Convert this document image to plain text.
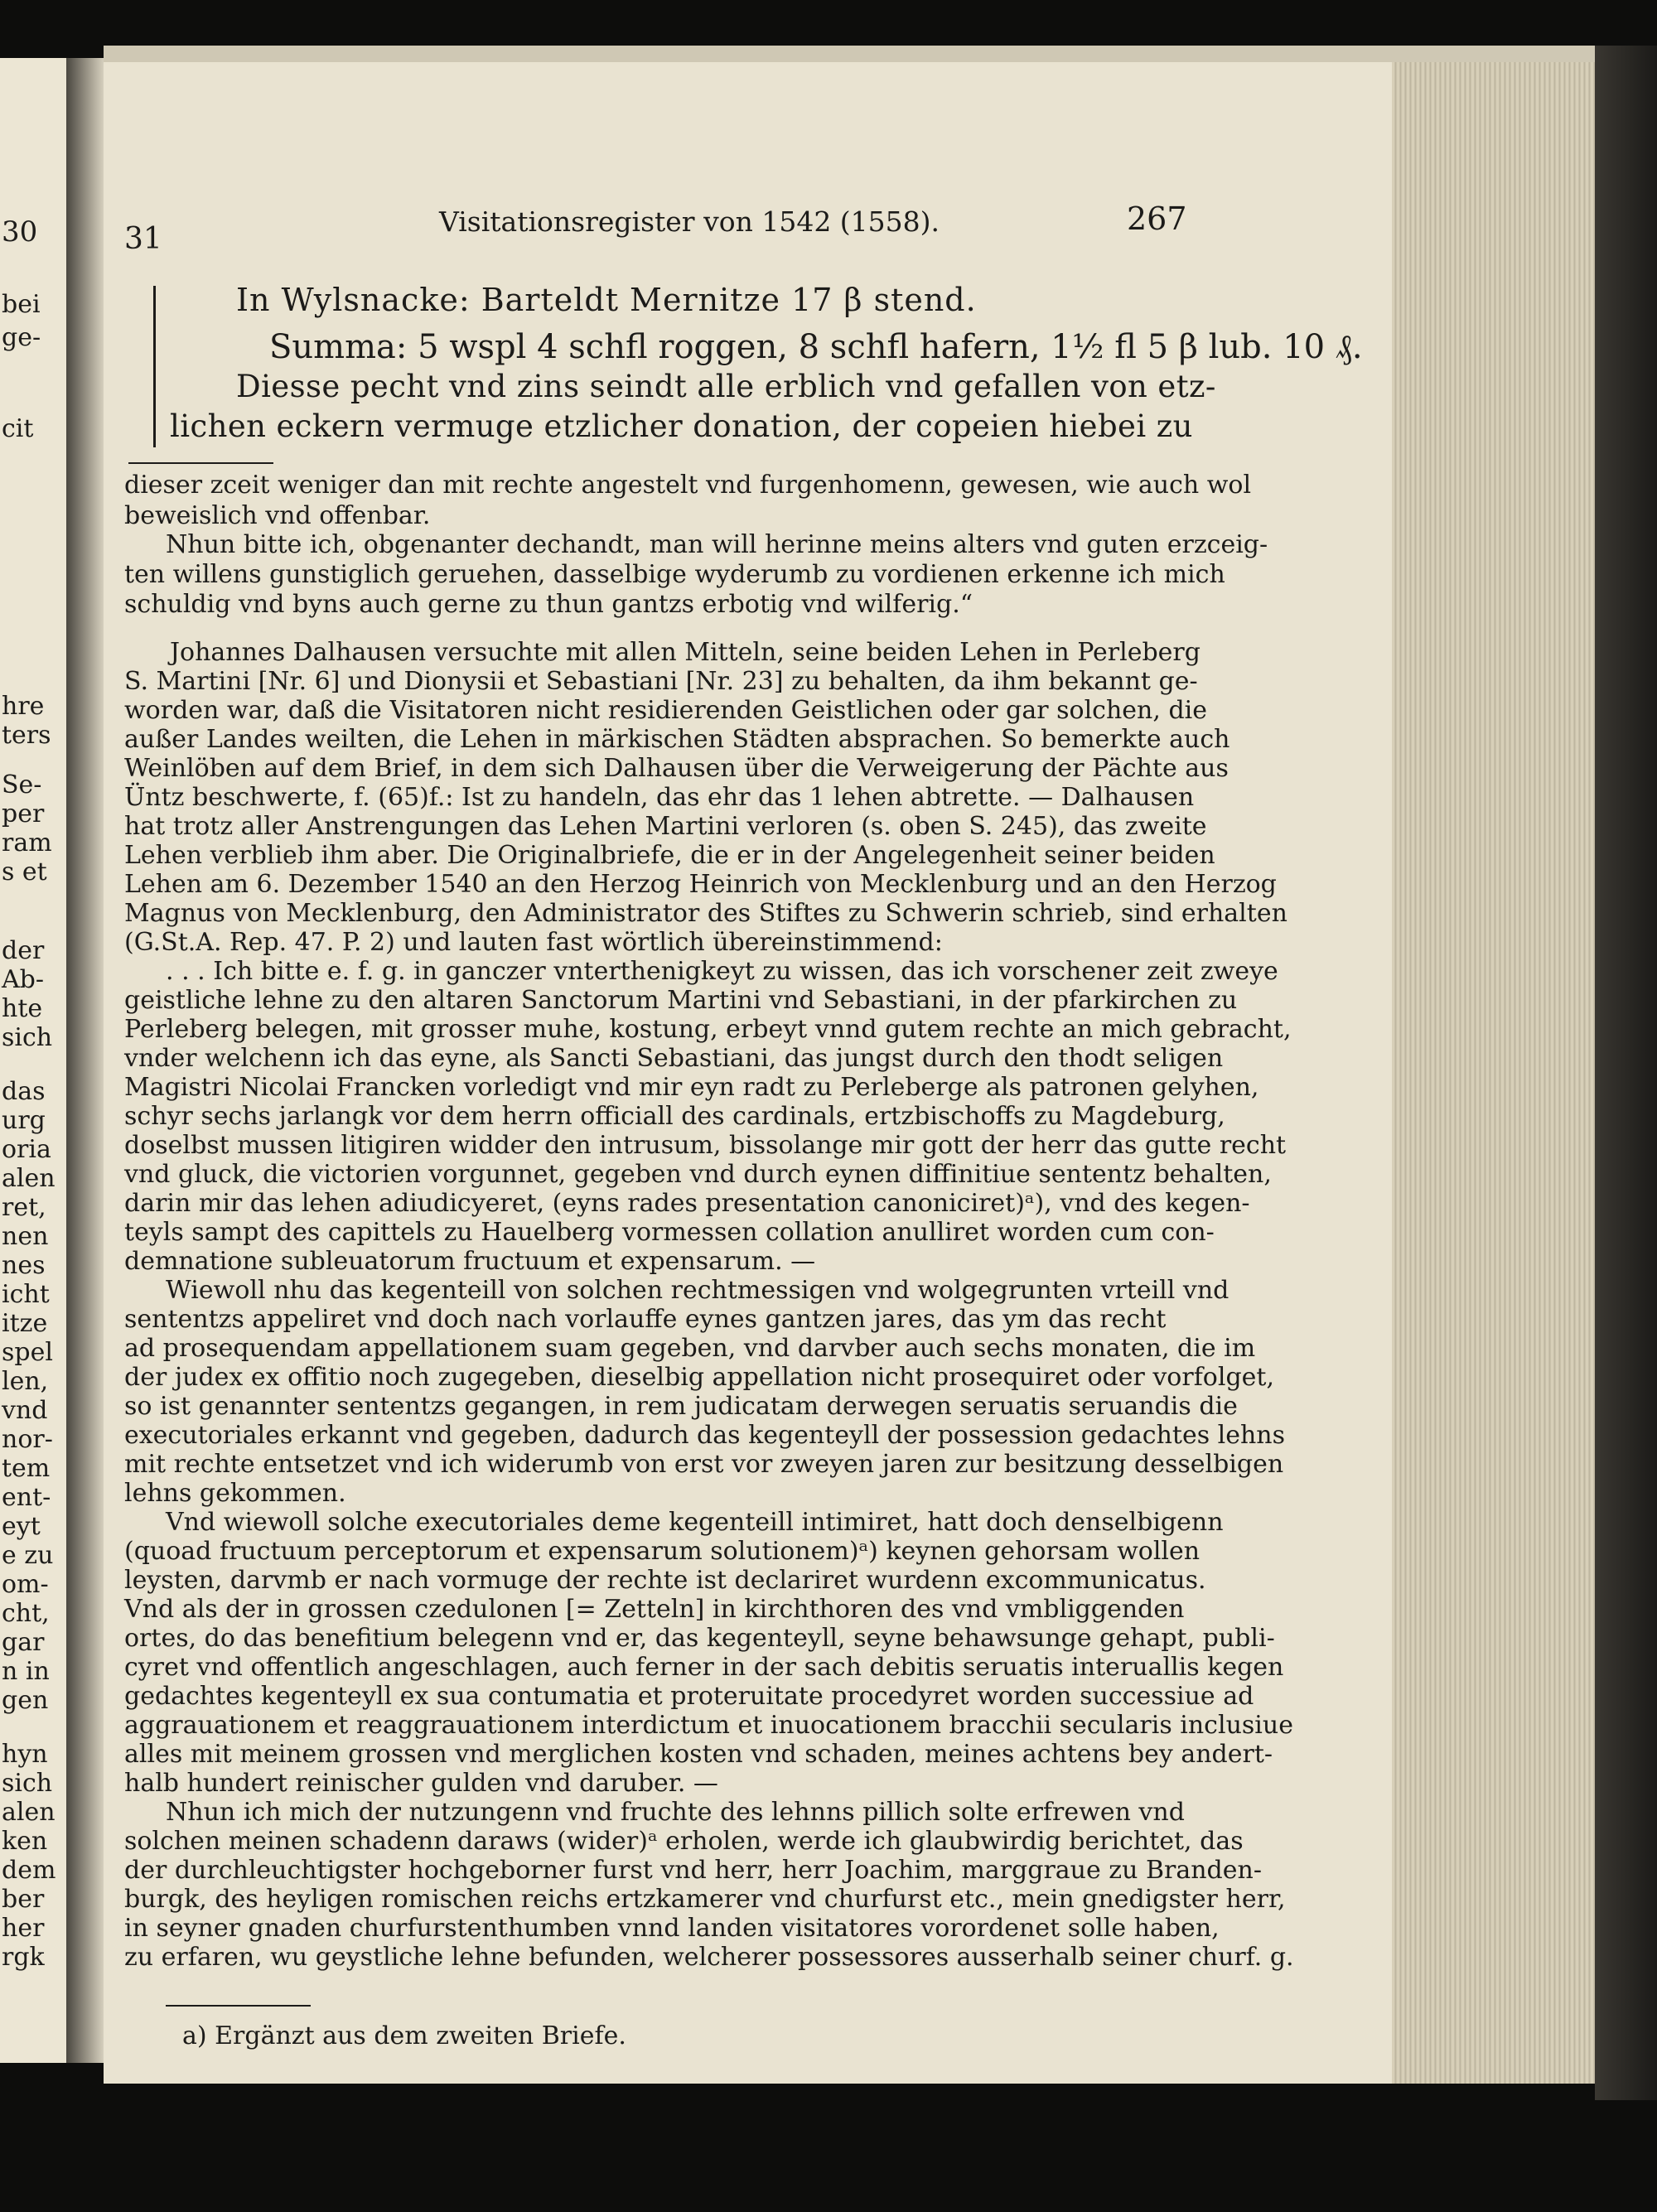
30
bei
ge-
cit
hre
ters
Se-
per
ram
s et
der
Ab-
hte
sich
das
urg
oria
alen
ret,
nen
nes
icht
itze
spel
len,
vnd
nor-
tem
ent-
eyt
e zu
om-
cht,
gar
n in
gen
hyn
sich
alen
ken
dem
ber
her
rgk
31
Visitationsregister von 1542 (1558).	267
In Wylsnacke: Barteldt Mernitze 17 β stend.
Summa: 5 wspl 4 schfl roggen, 8 schfl hafern, 1½ fl 5 β lub. 10 ₰.
Diesse pecht vnd zins seindt alle erblich vnd gefallen von etz-
lichen eckern vermuge etzlicher donation, der copeien hiebei zu
dieser zceit weniger dan mit rechte angestelt vnd furgenhomenn, gewesen, wie auch wol
beweislich vnd offenbar.
Nhun bitte ich, obgenanter dechandt, man will herinne meins alters vnd guten erzceig-
ten willens gunstiglich geruehen, dasselbige wyderumb zu vordienen erkenne ich mich
schuldig vnd byns auch gerne zu thun gantzs erbotig vnd wilferig.“
Johannes Dalhausen versuchte mit allen Mitteln, seine beiden Lehen in Perleberg
S. Martini [Nr. 6] und Dionysii et Sebastiani [Nr. 23] zu behalten, da ihm bekannt ge-
worden war, daß die Visitatoren nicht residierenden Geistlichen oder gar solchen, die
außer Landes weilten, die Lehen in märkischen Städten absprachen. So bemerkte auch
Weinlöben auf dem Brief, in dem sich Dalhausen über die Verweigerung der Pächte aus
Üntz beschwerte, f. (65)f.: Ist zu handeln, das ehr das 1 lehen abtrette. — Dalhausen
hat trotz aller Anstrengungen das Lehen Martini verloren (s. oben S. 245), das zweite
Lehen verblieb ihm aber. Die Originalbriefe, die er in der Angelegenheit seiner beiden
Lehen am 6. Dezember 1540 an den Herzog Heinrich von Mecklenburg und an den Herzog
Magnus von Mecklenburg, den Administrator des Stiftes zu Schwerin schrieb, sind erhalten
(G.St.A. Rep. 47. P. 2) und lauten fast wörtlich übereinstimmend:
. . . Ich bitte e. f. g. in ganczer vnterthenigkeyt zu wissen, das ich vorschener zeit zweye
geistliche lehne zu den altaren Sanctorum Martini vnd Sebastiani, in der pfarkirchen zu
Perleberg belegen, mit grosser muhe, kostung, erbeyt vnnd gutem rechte an mich gebracht,
vnder welchenn ich das eyne, als Sancti Sebastiani, das jungst durch den thodt seligen
Magistri Nicolai Francken vorledigt vnd mir eyn radt zu Perleberge als patronen gelyhen,
schyr sechs jarlangk vor dem herrn officiall des cardinals, ertzbischoffs zu Magdeburg,
doselbst mussen litigiren widder den intrusum, bissolange mir gott der herr das gutte recht
vnd gluck, die victorien vorgunnet, gegeben vnd durch eynen diffinitiue sententz behalten,
darin mir das lehen adiudicyeret, (eyns rades presentation canoniciret)ᵃ), vnd des kegen-
teyls sampt des capittels zu Hauelberg vormessen collation anulliret worden cum con-
demnatione subleuatorum fructuum et expensarum. —
Wiewoll nhu das kegenteill von solchen rechtmessigen vnd wolgegrunten vrteill vnd
sententzs appeliret vnd doch nach vorlauffe eynes gantzen jares, das ym das recht
ad prosequendam appellationem suam gegeben, vnd darvber auch sechs monaten, die im
der judex ex offitio noch zugegeben, dieselbig appellation nicht prosequiret oder vorfolget,
so ist genannter sententzs gegangen, in rem judicatam derwegen seruatis seruandis die
executoriales erkannt vnd gegeben, dadurch das kegenteyll der possession gedachtes lehns
mit rechte entsetzet vnd ich widerumb von erst vor zweyen jaren zur besitzung desselbigen
lehns gekommen.
Vnd wiewoll solche executoriales deme kegenteill intimiret, hatt doch denselbigenn
(quoad fructuum perceptorum et expensarum solutionem)ᵃ) keynen gehorsam wollen
leysten, darvmb er nach vormuge der rechte ist declariret wurdenn excommunicatus.
Vnd als der in grossen czedulonen [= Zetteln] in kirchthoren des vnd vmbliggenden
ortes, do das benefitium belegenn vnd er, das kegenteyll, seyne behawsunge gehapt, publi-
cyret vnd offentlich angeschlagen, auch ferner in der sach debitis seruatis interuallis kegen
gedachtes kegenteyll ex sua contumatia et proteruitate procedyret worden successiue ad
aggrauationem et reaggrauationem interdictum et inuocationem bracchii secularis inclusiue
alles mit meinem grossen vnd merglichen kosten vnd schaden, meines achtens bey andert-
halb hundert reinischer gulden vnd daruber. —
Nhun ich mich der nutzungenn vnd fruchte des lehnns pillich solte erfrewen vnd
solchen meinen schadenn daraws (wider)ᵃ erholen, werde ich glaubwirdig berichtet, das
der durchleuchtigster hochgeborner furst vnd herr, herr Joachim, marggraue zu Branden-
burgk, des heyligen romischen reichs ertzkamerer vnd churfurst etc., mein gnedigster herr,
in seyner gnaden churfurstenthumben vnnd landen visitatores vorordenet solle haben,
zu erfaren, wu geystliche lehne befunden, welcherer possessores ausserhalb seiner churf. g.
a) Ergänzt aus dem zweiten Briefe.
